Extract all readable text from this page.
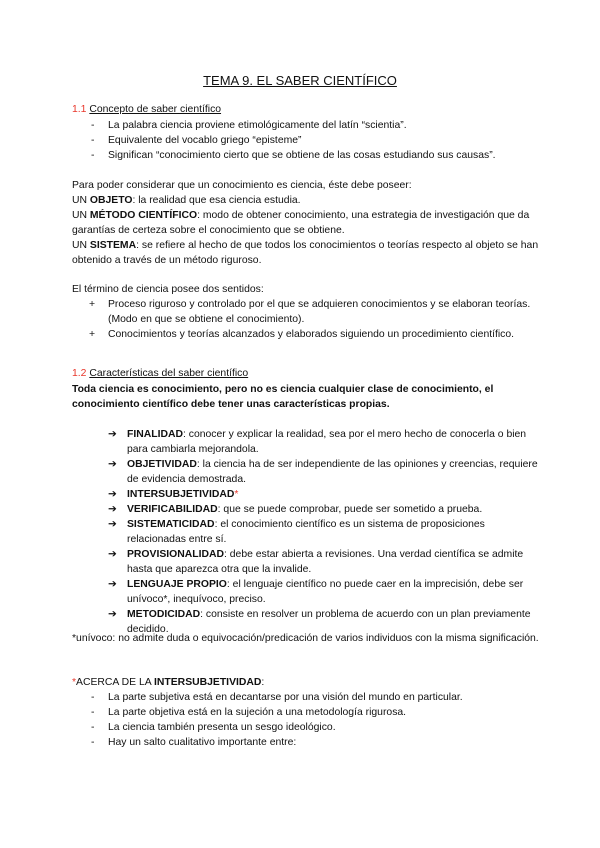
TEMA 9. EL SABER CIENTÍFICO
1.1 Concepto de saber científico
- La palabra ciencia proviene etimológicamente del latín “scientia”.
- Equivalente del vocablo griego “episteme”
- Significan “conocimiento cierto que se obtiene de las cosas estudiando sus causas”.
Para poder considerar que un conocimiento es ciencia, éste debe poseer:
UN OBJETO: la realidad que esa ciencia estudia.
UN MÉTODO CIENTÍFICO: modo de obtener conocimiento, una estrategia de investigación que da garantías de certeza sobre el conocimiento que se obtiene.
UN SISTEMA: se refiere al hecho de que todos los conocimientos o teorías respecto al objeto se han obtenido a través de un método riguroso.
El término de ciencia posee dos sentidos:
+ Proceso riguroso y controlado por el que se adquieren conocimientos y se elaboran teorías. (Modo en que se obtiene el conocimiento).
+ Conocimientos y teorías alcanzados y elaborados siguiendo un procedimiento científico.
1.2 Características del saber científico
Toda ciencia es conocimiento, pero no es ciencia cualquier clase de conocimiento, el conocimiento científico debe tener unas características propias.
➔ FINALIDAD: conocer y explicar la realidad, sea por el mero hecho de conocerla o bien para cambiarla mejorandola.
➔ OBJETIVIDAD: la ciencia ha de ser independiente de las opiniones y creencias, requiere de evidencia demostrada.
➔ INTERSUBJETIVIDAD*
➔ VERIFICABILIDAD: que se puede comprobar, puede ser sometido a prueba.
➔ SISTEMATICIDAD: el conocimiento científico es un sistema de proposiciones relacionadas entre sí.
➔ PROVISIONALIDAD: debe estar abierta a revisiones. Una verdad científica se admite hasta que aparezca otra que la invalide.
➔ LENGUAJE PROPIO: el lenguaje científico no puede caer en la imprecisión, debe ser unívoco*, inequívoco, preciso.
➔ METODICIDAD: consiste en resolver un problema de acuerdo con un plan previamente decidido.
*unívoco: no admite duda o equivocación/predicación de varios individuos con la misma significación.
*ACERCA DE LA INTERSUBJETIVIDAD:
- La parte subjetiva está en decantarse por una visión del mundo en particular.
- La parte objetiva está en la sujeción a una metodología rigurosa.
- La ciencia también presenta un sesgo ideológico.
- Hay un salto cualitativo importante entre:
